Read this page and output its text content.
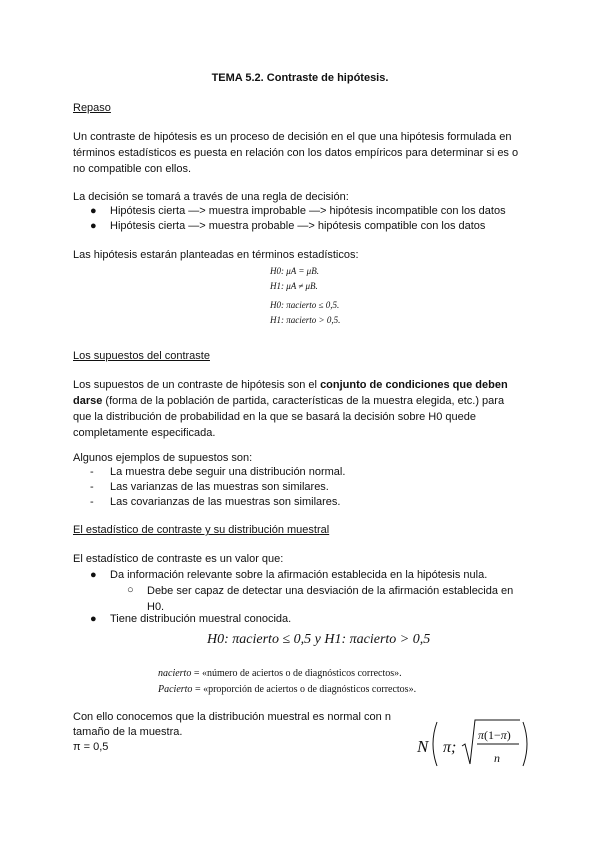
TEMA 5.2. Contraste de hipótesis.

Repaso

Un contraste de hipótesis es un proceso de decisión en el que una hipótesis formulada en
términos estadísticos es puesta en relación con los datos empíricos para determinar si es o
no compatible con ellos.

La decisión se tomará a través de una regla de decisión:

● Hipótesis cierta —> muestra improbable —> hipótesis incompatible con los datos
● Hipótesis cierta —> muestra probable —> hipótesis compatible con los datos

Las hipótesis estarán planteadas en términos estadísticos:

H0: μA = μB.
H1: μA ≠ μB.
H0: πacierto ≤ 0,5.
H1: πacierto > 0,5.

Los supuestos del contraste

Los supuestos de un contraste de hipótesis son el conjunto de condiciones que deben
darse (forma de la población de partida, características de la muestra elegida, etc.) para
que la distribución de probabilidad en la que se basará la decisión sobre H0 quede
completamente especificada.

Algunos ejemplos de supuestos son:

- La muestra debe seguir una distribución normal.
- Las varianzas de las muestras son similares.
- Las covarianzas de las muestras son similares.

El estadístico de contraste y su distribución muestral

El estadístico de contraste es un valor que:

● Da información relevante sobre la afirmación establecida en la hipótesis nula.
○ Debe ser capaz de detectar una desviación de la afirmación establecida en
H0.
● Tiene distribución muestral conocida.

H0: πacierto ≤ 0,5 y H1: πacierto > 0,5

nacierto = «número de aciertos o de diagnósticos correctos».
Pacierto = «proporción de aciertos o de diagnósticos correctos».
Con ello conocemos que la distribución muestral es normal con n
tamaño de la muestra.
π = 0,5	N π;
π(1−π)
n
